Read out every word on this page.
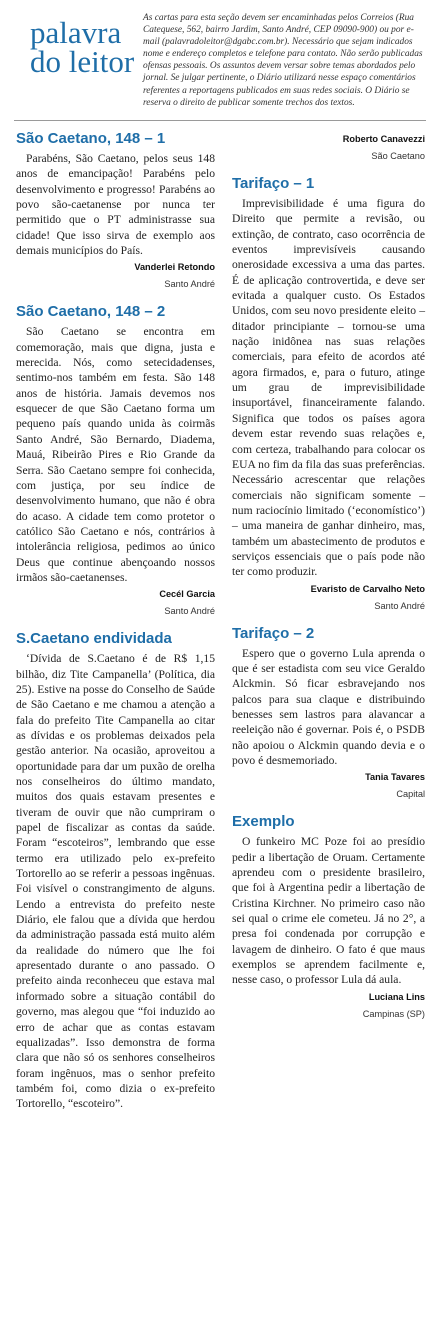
palavra
do leitor
As cartas para esta seção devem ser encaminhadas pelos Correios (Rua Catequese, 562, bairro Jardim, Santo André, CEP 09090-900) ou por e-mail (palavradoleitor@dgabc.com.br). Necessário que sejam indicados nome e endereço completos e telefone para contato. Não serão publicadas ofensas pessoais. Os assuntos devem versar sobre temas abordados pelo jornal. Se julgar pertinente, o Diário utilizará nesse espaço comentários referentes a reportagens publicados em suas redes sociais. O Diário se reserva o direito de publicar somente trechos dos textos.
São Caetano, 148 – 1

Parabéns, São Caetano, pelos seus 148 anos de emancipação! Parabéns pelo desenvolvimento e progresso! Parabéns ao povo são-caetanense por nunca ter permitido que o PT administrasse sua cidade! Que isso sirva de exemplo aos demais municípios do País.

Vanderlei Retondo
Santo André
São Caetano, 148 – 2

São Caetano se encontra em comemoração, mais que digna, justa e merecida. Nós, como setecidadenses, sentimo-nos também em festa. São 148 anos de história. Jamais devemos nos esquecer de que São Caetano forma um pequeno país quando unida às coirmãs Santo André, São Bernardo, Diadema, Mauá, Ribeirão Pires e Rio Grande da Serra. São Caetano sempre foi conhecida, com justiça, por seu índice de desenvolvimento humano, que não é obra do acaso. A cidade tem como protetor o católico São Caetano e nós, contrários à intolerância religiosa, pedimos ao único Deus que continue abençoando nossos irmãos são-caetanenses.

Cecél Garcia
Santo André
S.Caetano endividada

‘Dívida de S.Caetano é de R$ 1,15 bilhão, diz Tite Campanella’ (Política, dia 25). Estive na posse do Conselho de Saúde de São Caetano e me chamou a atenção a fala do prefeito Tite Campanella ao citar as dívidas e os problemas deixados pela gestão anterior. Na ocasião, aproveitou a oportunidade para dar um puxão de orelha nos conselheiros do último mandato, muitos dos quais estavam presentes e tiveram de ouvir que não cumpriram o papel de fiscalizar as contas da saúde. Foram “escoteiros”, lembrando que esse termo era utilizado pelo ex-prefeito Tortorello ao se referir a pessoas ingênuas. Foi visível o constrangimento de alguns. Lendo a entrevista do prefeito neste Diário, ele falou que a dívida que herdou da administração passada está muito além da realidade do número que lhe foi apresentado durante o ano passado. O prefeito ainda reconheceu que estava mal informado sobre a situação contábil do governo, mas alegou que “foi induzido ao erro de achar que as contas estavam equalizadas”. Isso demonstra de forma clara que não só os senhores conselheiros foram ingênuos, mas o senhor prefeito também foi, como dizia o ex-prefeito Tortorello, “escoteiro”.

Roberto Canavezzi
São Caetano
Tarifaço – 1

Imprevisibilidade é uma figura do Direito que permite a revisão, ou extinção, de contrato, caso ocorrência de eventos imprevisíveis causando onerosidade excessiva a uma das partes. É de aplicação controvertida, e deve ser evitada a qualquer custo. Os Estados Unidos, com seu novo presidente eleito – ditador principiante – tornou-se uma nação inidônea nas suas relações comerciais, para efeito de acordos até agora firmados, e, para o futuro, atinge um grau de imprevisibilidade insuportável, financeiramente falando. Significa que todos os países agora devem estar revendo suas relações e, com certeza, trabalhando para colocar os EUA no fim da fila das suas preferências. Necessário acrescentar que relações comerciais não significam somente – num raciocínio limitado (‘economístico’) – uma maneira de ganhar dinheiro, mas, também um abastecimento de produtos e serviços essenciais que o país pode não ter como produzir.

Evaristo de Carvalho Neto
Santo André
Tarifaço – 2

Espero que o governo Lula aprenda o que é ser estadista com seu vice Geraldo Alckmin. Só ficar esbravejando nos palcos para sua claque e distribuindo benesses sem lastros para alavancar a reeleição não é governar. Pois é, o PSDB não apoiou o Alckmin quando devia e o povo é desmemoriado.

Tania Tavares
Capital
Exemplo

O funkeiro MC Poze foi ao presídio pedir a libertação de Oruam. Certamente aprendeu com o presidente brasileiro, que foi à Argentina pedir a libertação de Cristina Kirchner. No primeiro caso não sei qual o crime ele cometeu. Já no 2°, a presa foi condenada por corrupção e lavagem de dinheiro. O fato é que maus exemplos se aprendem facilmente e, nesse caso, o professor Lula dá aula.

Luciana Lins
Campinas (SP)
